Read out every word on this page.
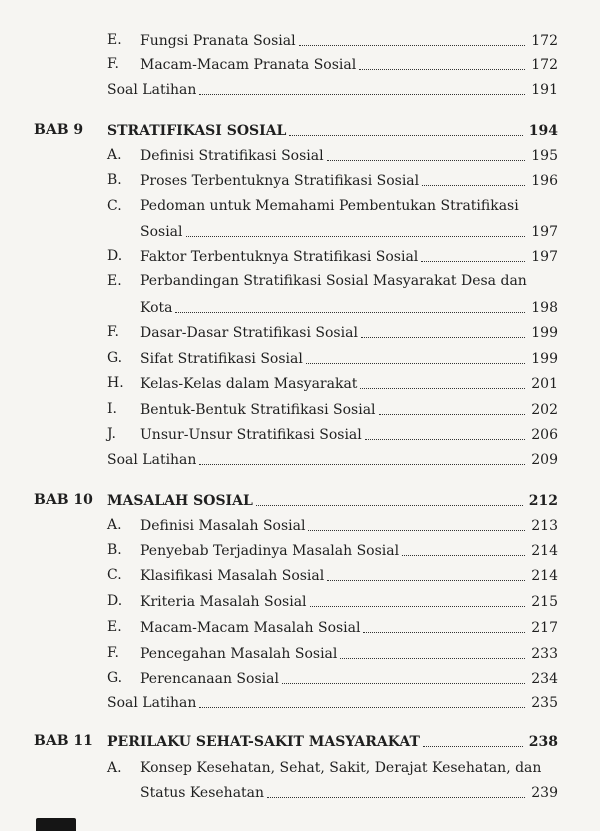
E. Fungsi Pranata Sosial	172
F. Macam-Macam Pranata Sosial	172
Soal Latihan	191
BAB 9 STRATIFIKASI SOSIAL	194
A. Definisi Stratifikasi Sosial	195
B. Proses Terbentuknya Stratifikasi Sosial	196
C. Pedoman untuk Memahami Pembentukan Stratifikasi
Sosial	197
D. Faktor Terbentuknya Stratifikasi Sosial	197
E. Perbandingan Stratifikasi Sosial Masyarakat Desa dan
Kota	198
F. Dasar-Dasar Stratifikasi Sosial	199
G. Sifat Stratifikasi Sosial	199
H. Kelas-Kelas dalam Masyarakat	201
I. Bentuk-Bentuk Stratifikasi Sosial	202
J. Unsur-Unsur Stratifikasi Sosial	206
Soal Latihan	209
BAB 10 MASALAH SOSIAL	212
A. Definisi Masalah Sosial	213
B. Penyebab Terjadinya Masalah Sosial	214
C. Klasifikasi Masalah Sosial	214
D. Kriteria Masalah Sosial	215
E. Macam-Macam Masalah Sosial	217
F. Pencegahan Masalah Sosial	233
G. Perencanaan Sosial	234
Soal Latihan	235
BAB 11 PERILAKU SEHAT-SAKIT MASYARAKAT	238
A. Konsep Kesehatan, Sehat, Sakit, Derajat Kesehatan, dan
Status Kesehatan	239
